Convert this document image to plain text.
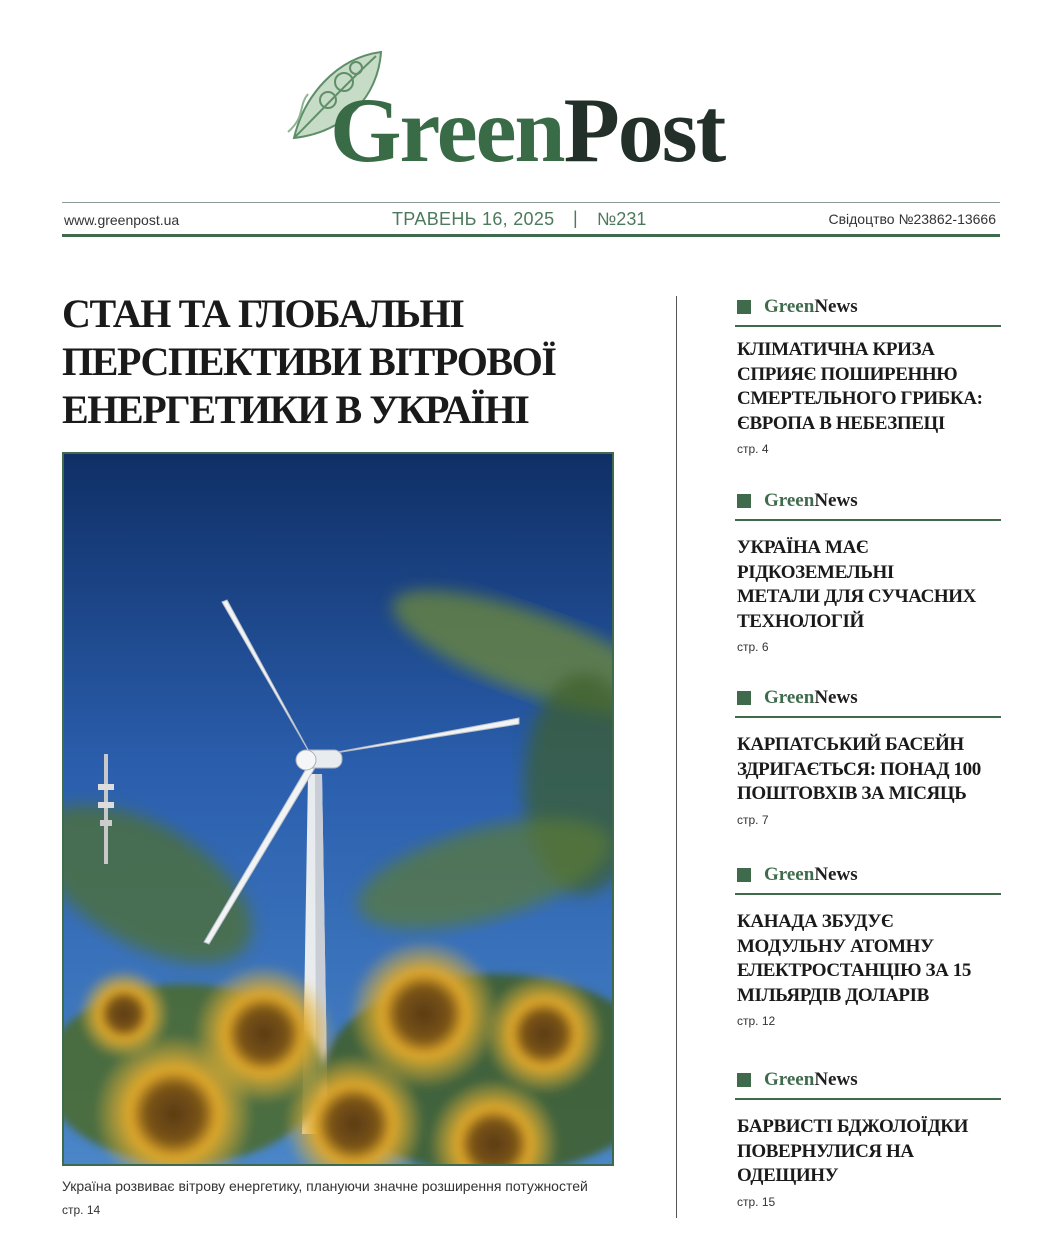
GreenPost
www.greenpost.ua	ТРАВЕНЬ 16, 2025 | №231	Свідоцтво №23862-13666
СТАН ТА ГЛОБАЛЬНІ
ПЕРСПЕКТИВИ ВІТРОВОЇ
ЕНЕРГЕТИКИ В УКРАЇНІ
Україна розвиває вітрову енергетику, плануючи значне розширення потужностей
стр. 14
GreenNews
КЛІМАТИЧНА КРИЗА
СПРИЯЄ ПОШИРЕННЮ
СМЕРТЕЛЬНОГО ГРИБКА:
ЄВРОПА В НЕБЕЗПЕЦІ
стр. 4
GreenNews
УКРАЇНА МАЄ
РІДКОЗЕМЕЛЬНІ
МЕТАЛИ ДЛЯ СУЧАСНИХ
ТЕХНОЛОГІЙ
стр. 6
GreenNews
КАРПАТСЬКИЙ БАСЕЙН
ЗДРИГАЄТЬСЯ: ПОНАД 100
ПОШТОВХІВ ЗА МІСЯЦЬ
стр. 7
GreenNews
КАНАДА ЗБУДУЄ
МОДУЛЬНУ АТОМНУ
ЕЛЕКТРОСТАНЦІЮ ЗА 15
МІЛЬЯРДІВ ДОЛАРІВ
стр. 12
GreenNews
БАРВИСТІ БДЖОЛОЇДКИ
ПОВЕРНУЛИСЯ НА
ОДЕЩИНУ
стр. 15
